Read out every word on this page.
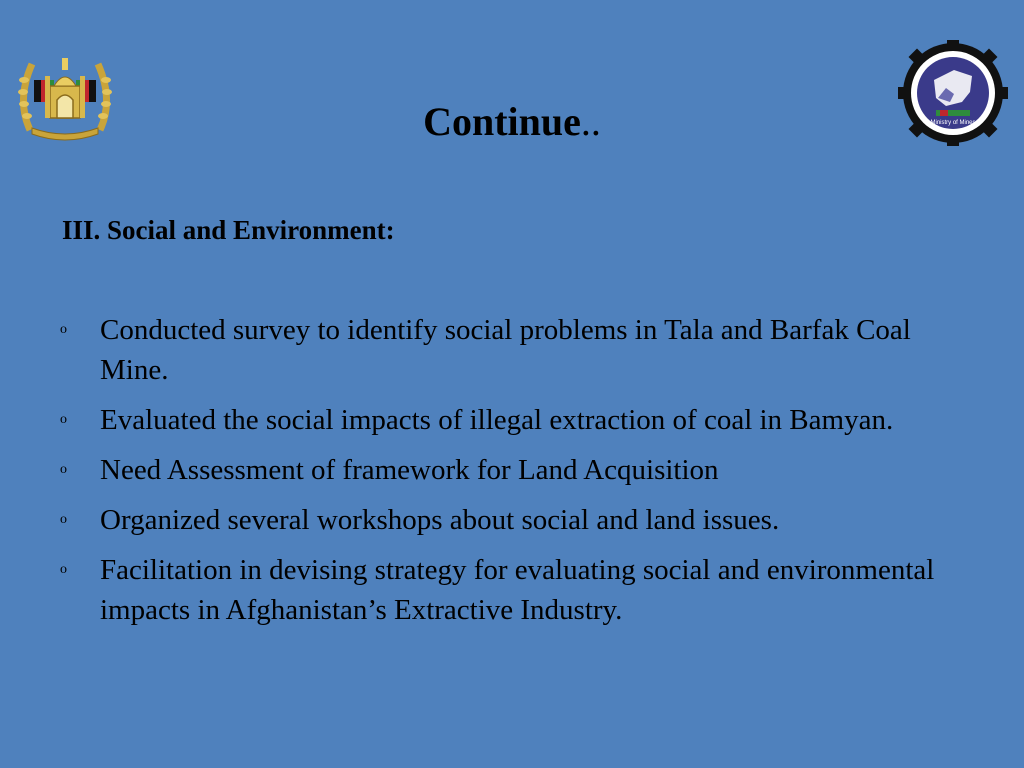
Ministry of Mines
Continue..
III. Social and Environment:
o	Conducted survey to identify social problems in Tala and Barfak Coal Mine.
o	Evaluated the social impacts of illegal extraction of coal in Bamyan.
o	Need Assessment of framework for Land Acquisition
o	Organized several workshops about social and land issues.
o	Facilitation in devising strategy for evaluating social and environmental impacts in Afghanistan’s Extractive Industry.
